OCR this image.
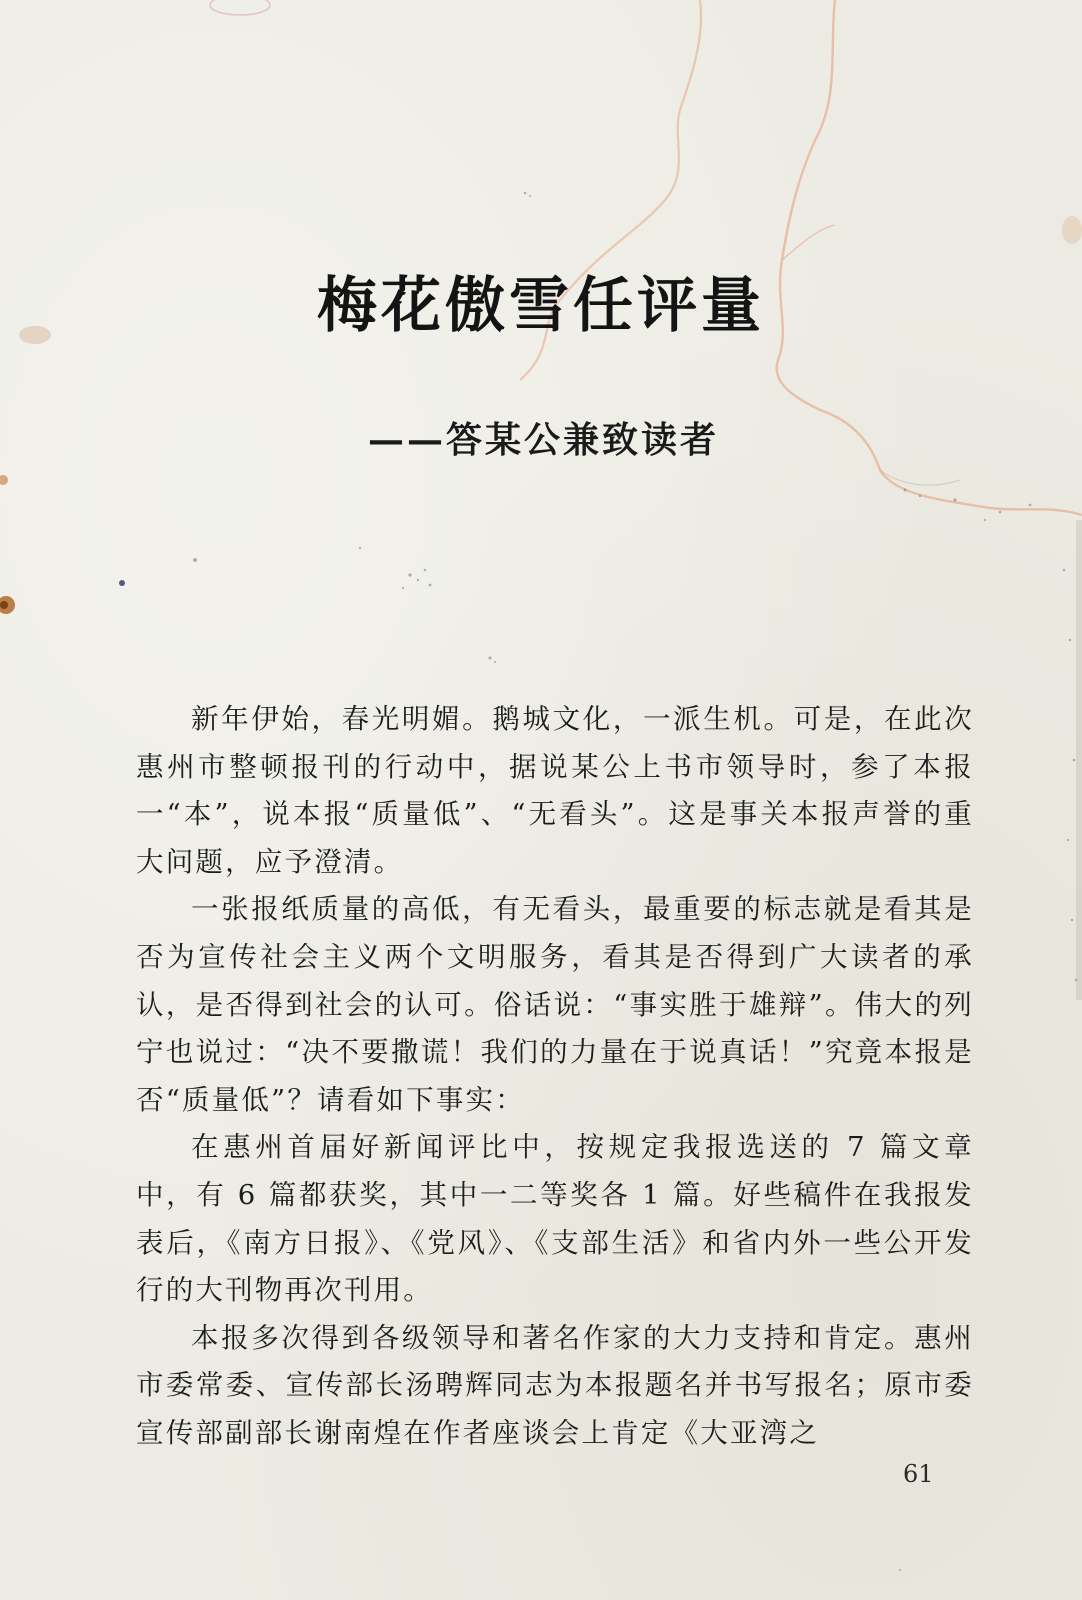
梅花傲雪任评量
——答某公兼致读者

新年伊始，春光明媚。鹅城文化，一派生机。可是，在此次惠州市整顿报刊的行动中，据说某公上书市领导时，参了本报一“本”，说本报“质量低”、“无看头”。这是事关本报声誉的重大问题，应予澄清。

一张报纸质量的高低，有无看头，最重要的标志就是看其是否为宣传社会主义两个文明服务，看其是否得到广大读者的承认，是否得到社会的认可。俗话说：“事实胜于雄辩”。伟大的列宁也说过：“决不要撒谎！我们的力量在于说真话！”究竟本报是否“质量低”？请看如下事实：

在惠州首届好新闻评比中，按规定我报选送的 7 篇文章中，有 6 篇都获奖，其中一二等奖各 1 篇。好些稿件在我报发表后，《南方日报》、《党风》、《支部生活》和省内外一些公开发行的大刊物再次刊用。

本报多次得到各级领导和著名作家的大力支持和肯定。惠州市委常委、宣传部长汤聘辉同志为本报题名并书写报名；原市委宣传部副部长谢南煌在作者座谈会上肯定《大亚湾之

61
